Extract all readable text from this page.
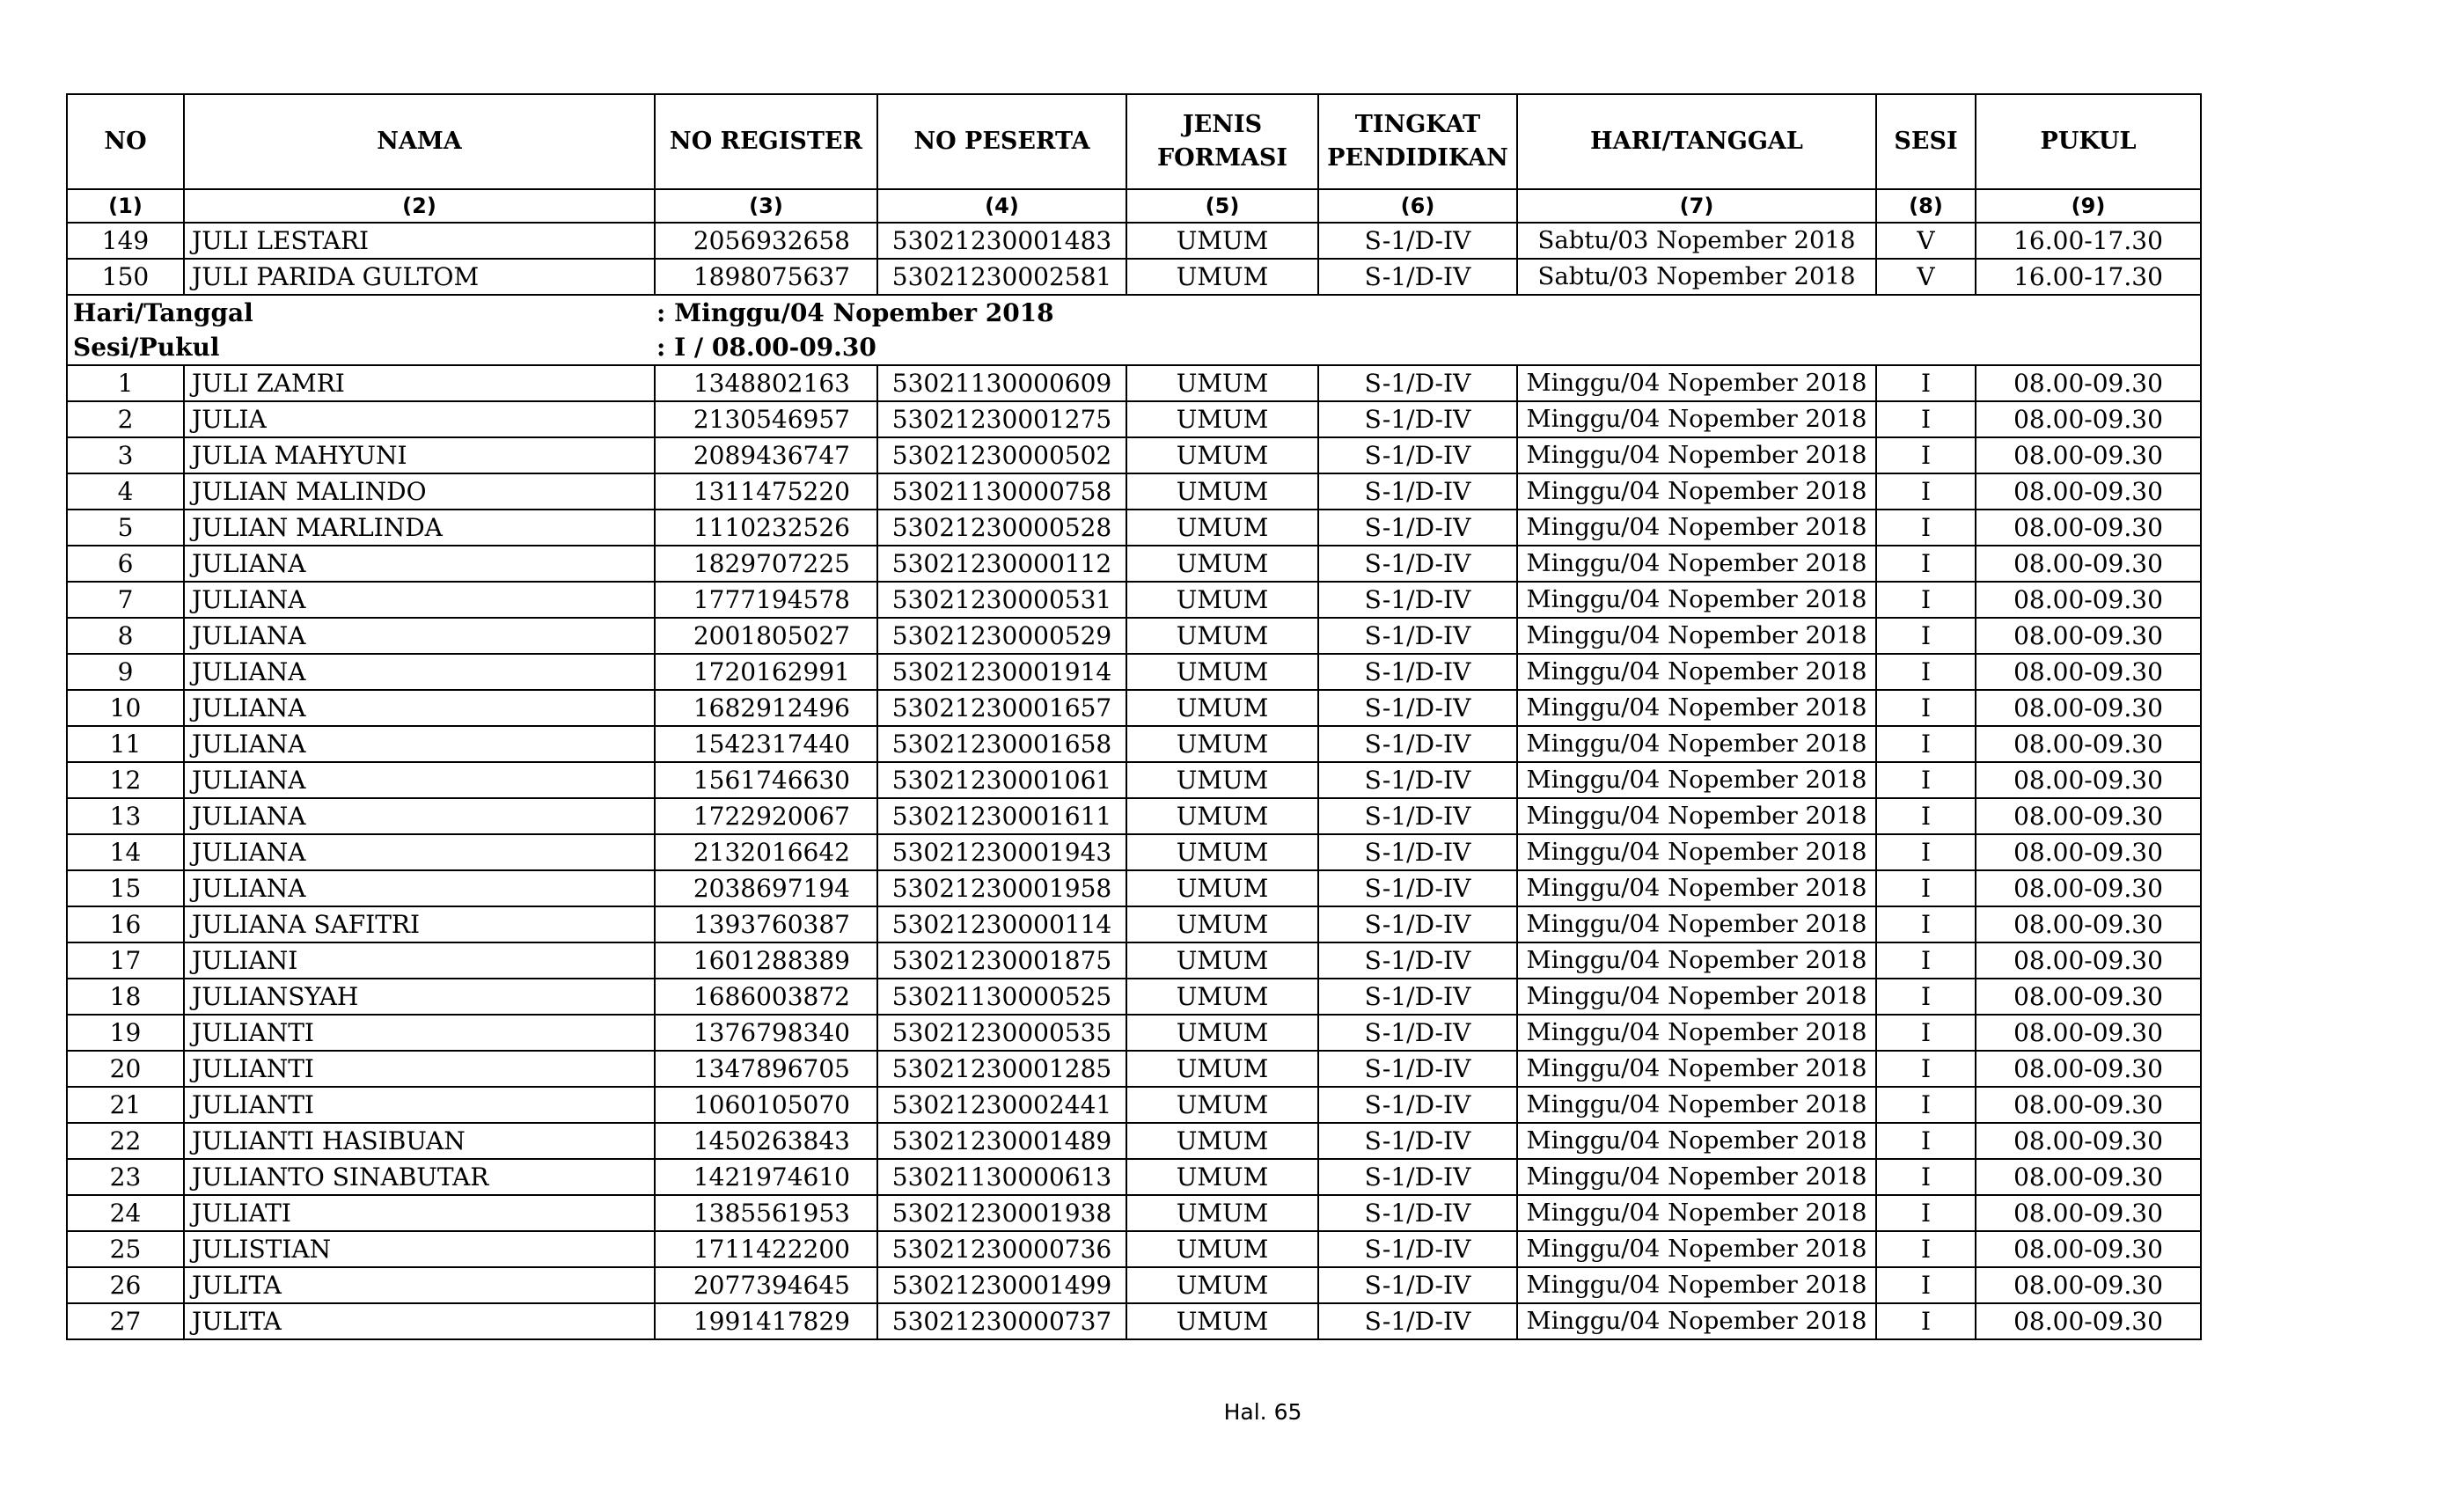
NO	NAMA	NO REGISTER	NO PESERTA	JENIS FORMASI	TINGKAT PENDIDIKAN	HARI/TANGGAL	SESI	PUKUL
(1)	(2)	(3)	(4)	(5)	(6)	(7)	(8)	(9)
149	JULI LESTARI	2056932658	53021230001483	UMUM	S-1/D-IV	Sabtu/03 Nopember 2018	V	16.00-17.30
150	JULI PARIDA GULTOM	1898075637	53021230002581	UMUM	S-1/D-IV	Sabtu/03 Nopember 2018	V	16.00-17.30
Hari/Tanggal		: Minggu/04 Nopember 2018						
Sesi/Pukul		: I / 08.00-09.30						
1	JULI ZAMRI	1348802163	53021130000609	UMUM	S-1/D-IV	Minggu/04 Nopember 2018	I	08.00-09.30
2	JULIA	2130546957	53021230001275	UMUM	S-1/D-IV	Minggu/04 Nopember 2018	I	08.00-09.30
3	JULIA MAHYUNI	2089436747	53021230000502	UMUM	S-1/D-IV	Minggu/04 Nopember 2018	I	08.00-09.30
4	JULIAN MALINDO	1311475220	53021130000758	UMUM	S-1/D-IV	Minggu/04 Nopember 2018	I	08.00-09.30
5	JULIAN MARLINDA	1110232526	53021230000528	UMUM	S-1/D-IV	Minggu/04 Nopember 2018	I	08.00-09.30
6	JULIANA	1829707225	53021230000112	UMUM	S-1/D-IV	Minggu/04 Nopember 2018	I	08.00-09.30
7	JULIANA	1777194578	53021230000531	UMUM	S-1/D-IV	Minggu/04 Nopember 2018	I	08.00-09.30
8	JULIANA	2001805027	53021230000529	UMUM	S-1/D-IV	Minggu/04 Nopember 2018	I	08.00-09.30
9	JULIANA	1720162991	53021230001914	UMUM	S-1/D-IV	Minggu/04 Nopember 2018	I	08.00-09.30
10	JULIANA	1682912496	53021230001657	UMUM	S-1/D-IV	Minggu/04 Nopember 2018	I	08.00-09.30
11	JULIANA	1542317440	53021230001658	UMUM	S-1/D-IV	Minggu/04 Nopember 2018	I	08.00-09.30
12	JULIANA	1561746630	53021230001061	UMUM	S-1/D-IV	Minggu/04 Nopember 2018	I	08.00-09.30
13	JULIANA	1722920067	53021230001611	UMUM	S-1/D-IV	Minggu/04 Nopember 2018	I	08.00-09.30
14	JULIANA	2132016642	53021230001943	UMUM	S-1/D-IV	Minggu/04 Nopember 2018	I	08.00-09.30
15	JULIANA	2038697194	53021230001958	UMUM	S-1/D-IV	Minggu/04 Nopember 2018	I	08.00-09.30
16	JULIANA SAFITRI	1393760387	53021230000114	UMUM	S-1/D-IV	Minggu/04 Nopember 2018	I	08.00-09.30
17	JULIANI	1601288389	53021230001875	UMUM	S-1/D-IV	Minggu/04 Nopember 2018	I	08.00-09.30
18	JULIANSYAH	1686003872	53021130000525	UMUM	S-1/D-IV	Minggu/04 Nopember 2018	I	08.00-09.30
19	JULIANTI	1376798340	53021230000535	UMUM	S-1/D-IV	Minggu/04 Nopember 2018	I	08.00-09.30
20	JULIANTI	1347896705	53021230001285	UMUM	S-1/D-IV	Minggu/04 Nopember 2018	I	08.00-09.30
21	JULIANTI	1060105070	53021230002441	UMUM	S-1/D-IV	Minggu/04 Nopember 2018	I	08.00-09.30
22	JULIANTI HASIBUAN	1450263843	53021230001489	UMUM	S-1/D-IV	Minggu/04 Nopember 2018	I	08.00-09.30
23	JULIANTO SINABUTAR	1421974610	53021130000613	UMUM	S-1/D-IV	Minggu/04 Nopember 2018	I	08.00-09.30
24	JULIATI	1385561953	53021230001938	UMUM	S-1/D-IV	Minggu/04 Nopember 2018	I	08.00-09.30
25	JULISTIAN	1711422200	53021230000736	UMUM	S-1/D-IV	Minggu/04 Nopember 2018	I	08.00-09.30
26	JULITA	2077394645	53021230001499	UMUM	S-1/D-IV	Minggu/04 Nopember 2018	I	08.00-09.30
27	JULITA	1991417829	53021230000737	UMUM	S-1/D-IV	Minggu/04 Nopember 2018	I	08.00-09.30
Hal. 65
